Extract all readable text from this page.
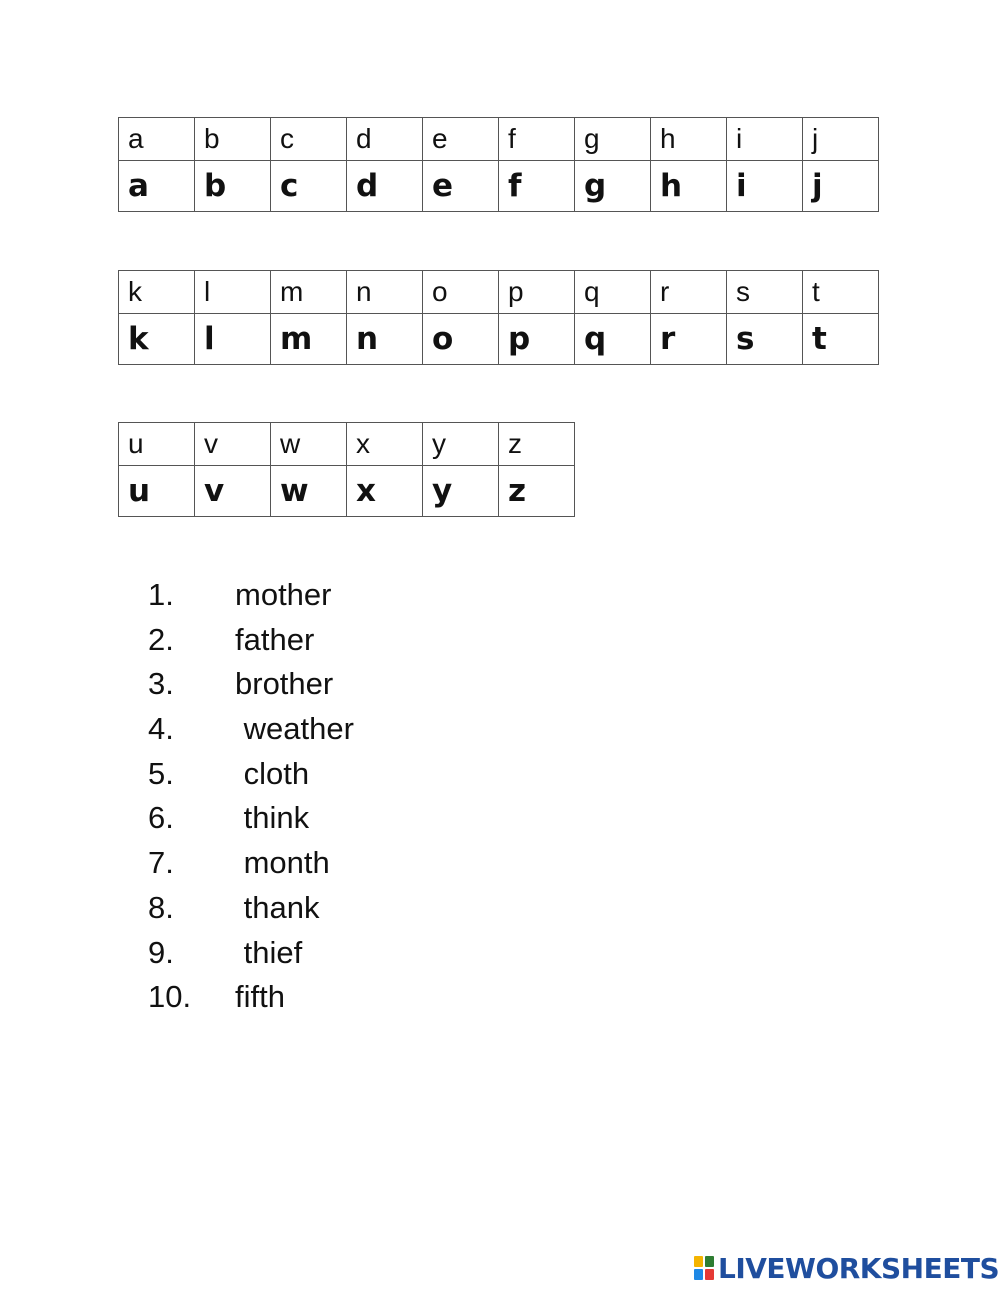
a	b	c	d	e	f	g	h	i	j
a	b	c	d	e	f	g	h	i	j
k	l	m	n	o	p	q	r	s	t
k	l	m	n	o	p	q	r	s	t
u	v	w	x	y	z
u	v	w	x	y	z
1. mother
2. father
3. brother
4. weather
5. cloth
6. think
7. month
8. thank
9. thief
10. fifth
LIVEWORKSHEETS
